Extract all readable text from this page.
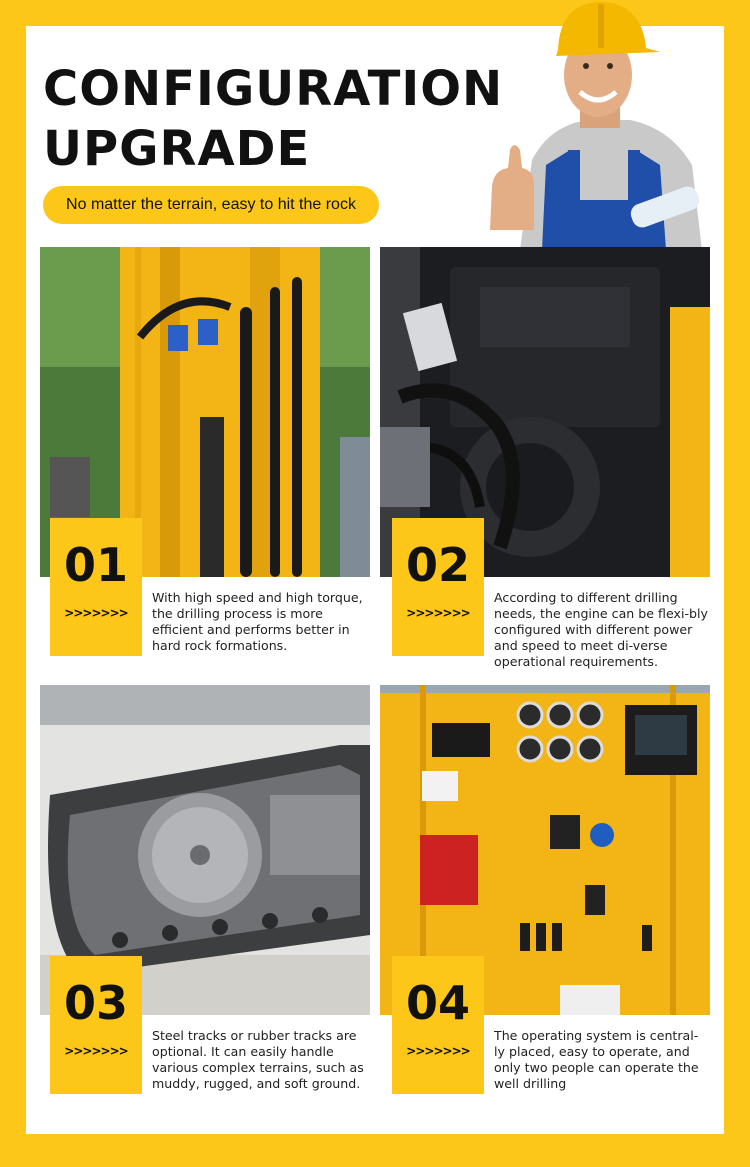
CONFIGURATION
UPGRADE
No matter the terrain, easy to hit the rock
01
>>>>>>>
02
>>>>>>>
03
>>>>>>>
04
>>>>>>>
With high speed and high torque, the drilling process is more efficient and performs better in hard rock formations.
According to different drilling needs, the engine can be flexi-bly configured with different power and speed to meet di-verse operational requirements.
Steel tracks or rubber tracks are optional. It can easily handle various complex terrains, such as muddy, rugged, and soft ground.
The operating system is central-ly placed, easy to operate, and only two people can operate the well drilling
